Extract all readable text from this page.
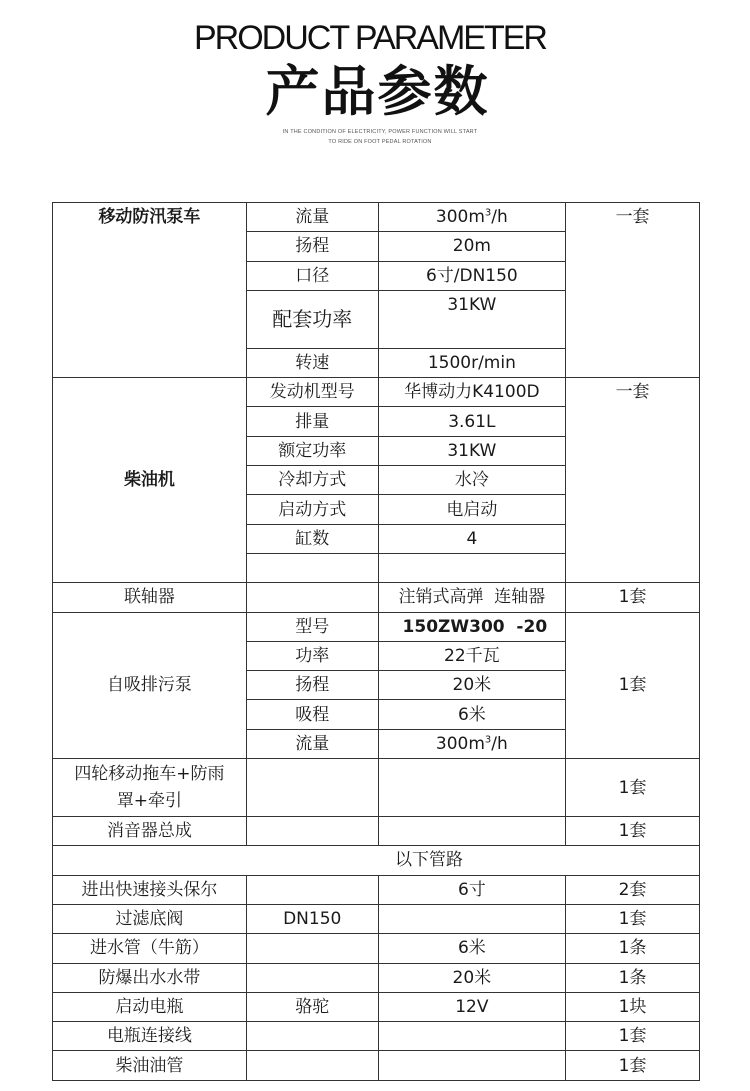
PRODUCT PARAMETER
产品参数
IN THE CONDITION OF ELECTRICITY, POWER FUNCTION WILL START
TO RIDE ON FOOT PEDAL ROTATION
移动防汛泵车	流量	$300m^3/h$	一套
	扬程	20m	
	口径	6寸/DN150	
	配套功率	31KW	
	转速	1500r/min	
柴油机	发动机型号	华博动力K4100D	一套
	排量	3.61L	
	额定功率	31KW	
	冷却方式	水冷	
	启动方式	电启动	
	缸数	4	

联轴器		注销式高弹  连轴器	1套
自吸排污泵	型号	150ZW300  -20	1套
	功率	22千瓦	
	扬程	20米	
	吸程	6米	
	流量	$300m^3/h$	
四轮移动拖车+防雨罩+牵引			1套
消音器总成			1套
以下管路			
进出快速接头保尔		6寸	2套
过滤底阀	DN150		1套
进水管（牛筋）		6米	1条
防爆出水水带		20米	1条
启动电瓶	骆驼	12V	1块
电瓶连接线			1套
柴油油管			1套
